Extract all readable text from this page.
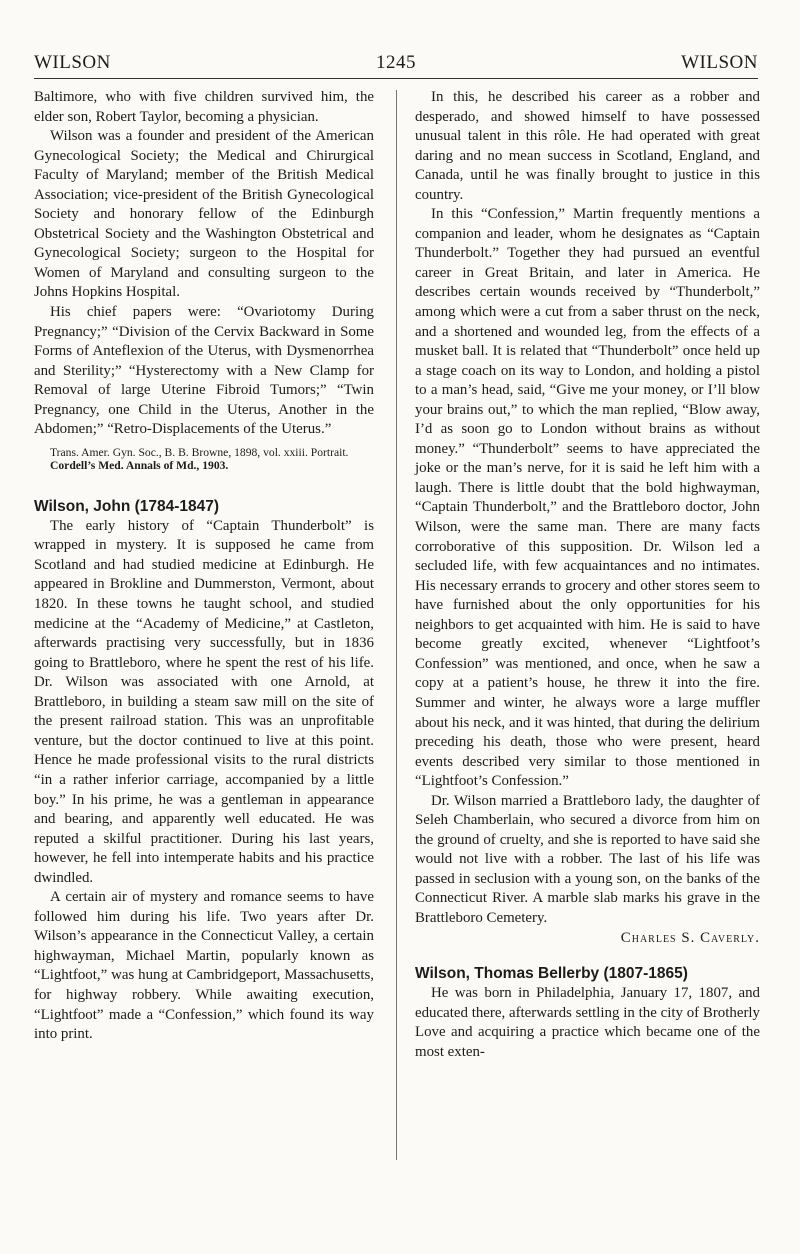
WILSON	1245	WILSON

Baltimore, who with five children survived him, the elder son, Robert Taylor, becoming a physician.

Wilson was a founder and president of the American Gynecological Society; the Medical and Chirurgical Faculty of Maryland; member of the British Medical Association; vice-president of the British Gynecological Society and honorary fellow of the Edinburgh Obstetrical Society and the Washington Obstetrical and Gynecological Society; surgeon to the Hospital for Women of Maryland and consulting surgeon to the Johns Hopkins Hospital.

His chief papers were: “Ovariotomy During Pregnancy;” “Division of the Cervix Backward in Some Forms of Anteflexion of the Uterus, with Dysmenorrhea and Sterility;” “Hysterectomy with a New Clamp for Removal of large Uterine Fibroid Tumors;” “Twin Pregnancy, one Child in the Uterus, Another in the Abdomen;” “Retro-Displacements of the Uterus.”

Trans. Amer. Gyn. Soc., B. B. Browne, 1898, vol. xxiii. Portrait.
Cordell’s Med. Annals of Md., 1903.

Wilson, John (1784-1847)

The early history of “Captain Thunderbolt” is wrapped in mystery. It is supposed he came from Scotland and had studied medicine at Edinburgh. He appeared in Brokline and Dummerston, Vermont, about 1820. In these towns he taught school, and studied medicine at the “Academy of Medicine,” at Castleton, afterwards practising very successfully, but in 1836 going to Brattleboro, where he spent the rest of his life. Dr. Wilson was associated with one Arnold, at Brattleboro, in building a steam saw mill on the site of the present railroad station. This was an unprofitable venture, but the doctor continued to live at this point. Hence he made professional visits to the rural districts “in a rather inferior carriage, accompanied by a little boy.” In his prime, he was a gentleman in appearance and bearing, and apparently well educated. He was reputed a skilful practitioner. During his last years, however, he fell into intemperate habits and his practice dwindled.

A certain air of mystery and romance seems to have followed him during his life. Two years after Dr. Wilson’s appearance in the Connecticut Valley, a certain highwayman, Michael Martin, popularly known as “Lightfoot,” was hung at Cambridgeport, Massachusetts, for highway robbery. While awaiting execution, “Lightfoot” made a “Confession,” which found its way into print.

In this, he described his career as a robber and desperado, and showed himself to have possessed unusual talent in this rôle. He had operated with great daring and no mean success in Scotland, England, and Canada, until he was finally brought to justice in this country.

In this “Confession,” Martin frequently mentions a companion and leader, whom he designates as “Captain Thunderbolt.” Together they had pursued an eventful career in Great Britain, and later in America. He describes certain wounds received by “Thunderbolt,” among which were a cut from a saber thrust on the neck, and a shortened and wounded leg, from the effects of a musket ball. It is related that “Thunderbolt” once held up a stage coach on its way to London, and holding a pistol to a man’s head, said, “Give me your money, or I’ll blow your brains out,” to which the man replied, “Blow away, I’d as soon go to London without brains as without money.” “Thunderbolt” seems to have appreciated the joke or the man’s nerve, for it is said he left him with a laugh. There is little doubt that the bold highwayman, “Captain Thunderbolt,” and the Brattleboro doctor, John Wilson, were the same man. There are many facts corroborative of this supposition. Dr. Wilson led a secluded life, with few acquaintances and no intimates. His necessary errands to grocery and other stores seem to have furnished about the only opportunities for his neighbors to get acquainted with him. He is said to have become greatly excited, whenever “Lightfoot’s Confession” was mentioned, and once, when he saw a copy at a patient’s house, he threw it into the fire. Summer and winter, he always wore a large muffler about his neck, and it was hinted, that during the delirium preceding his death, those who were present, heard events described very similar to those mentioned in “Lightfoot’s Confession.”

Dr. Wilson married a Brattleboro lady, the daughter of Seleh Chamberlain, who secured a divorce from him on the ground of cruelty, and she is reported to have said she would not live with a robber. The last of his life was passed in seclusion with a young son, on the banks of the Connecticut River. A marble slab marks his grave in the Brattleboro Cemetery.

Charles S. Caverly.

Wilson, Thomas Bellerby (1807-1865)

He was born in Philadelphia, January 17, 1807, and educated there, afterwards settling in the city of Brotherly Love and acquiring a practice which became one of the most exten-
